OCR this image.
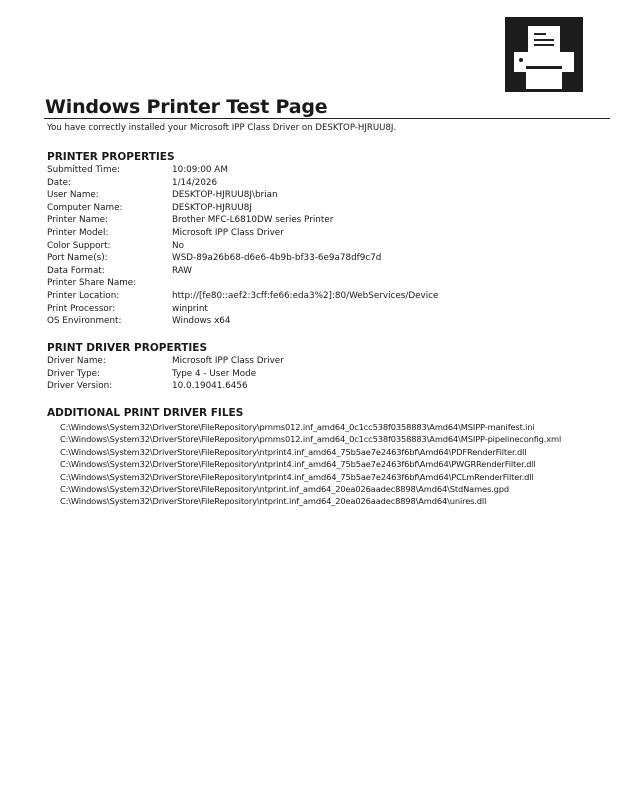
Windows Printer Test Page
You have correctly installed your Microsoft IPP Class Driver on DESKTOP-HJRUU8J.
PRINTER PROPERTIES
Submitted Time:	10:09:00 AM
Date:	1/14/2026
User Name:	DESKTOP-HJRUU8J\brian
Computer Name:	DESKTOP-HJRUU8J
Printer Name:	Brother MFC-L6810DW series Printer
Printer Model:	Microsoft IPP Class Driver
Color Support:	No
Port Name(s):	WSD-89a26b68-d6e6-4b9b-bf33-6e9a78df9c7d
Data Format:	RAW
Printer Share Name:
Printer Location:	http://[fe80::aef2:3cff:fe66:eda3%2]:80/WebServices/Device
Print Processor:	winprint
OS Environment:	Windows x64
PRINT DRIVER PROPERTIES
Driver Name:	Microsoft IPP Class Driver
Driver Type:	Type 4 - User Mode
Driver Version:	10.0.19041.6456
ADDITIONAL PRINT DRIVER FILES
C:\Windows\System32\DriverStore\FileRepository\prnms012.inf_amd64_0c1cc538f0358883\Amd64\MSIPP-manifest.ini
C:\Windows\System32\DriverStore\FileRepository\prnms012.inf_amd64_0c1cc538f0358883\Amd64\MSIPP-pipelineconfig.xml
C:\Windows\System32\DriverStore\FileRepository\ntprint4.inf_amd64_75b5ae7e2463f6bf\Amd64\PDFRenderFilter.dll
C:\Windows\System32\DriverStore\FileRepository\ntprint4.inf_amd64_75b5ae7e2463f6bf\Amd64\PWGRRenderFilter.dll
C:\Windows\System32\DriverStore\FileRepository\ntprint4.inf_amd64_75b5ae7e2463f6bf\Amd64\PCLmRenderFilter.dll
C:\Windows\System32\DriverStore\FileRepository\ntprint.inf_amd64_20ea026aadec8898\Amd64\StdNames.gpd
C:\Windows\System32\DriverStore\FileRepository\ntprint.inf_amd64_20ea026aadec8898\Amd64\unires.dll
